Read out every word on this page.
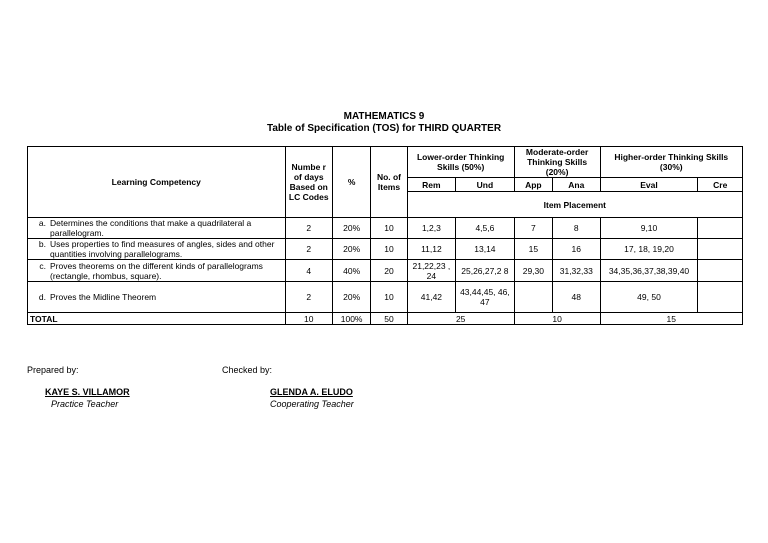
MATHEMATICS 9
Table of Specification (TOS) for THIRD QUARTER
Learning Competency	Numbe r of days Based on LC Codes	%	No. of Items	Lower-order Thinking Skills (50%)		Moderate-order Thinking Skills (20%)		Higher-order Thinking Skills (30%)	
				Rem	Und	App	Ana	Eval	Cre
				Item Placement					

a. Determines the conditions that make a quadrilateral a parallelogram.	2	20%	10	1,2,3	4,5,6	7	8	9,10	

b. Uses properties to find measures of angles, sides and other quantities involving parallelograms.	2	20%	10	11,12	13,14	15	16	17, 18, 19,20	

c. Proves theorems on the different kinds of parallelograms (rectangle, rhombus, square).	4	40%	20	21,22,23 , 24	25,26,27,2 8	29,30	31,32,33	34,35,36,37,38,39,40	

d. Proves the Midline Theorem	2	20%	10	41,42	43,44,45, 46, 47		48	49, 50	
TOTAL	10	100%	50	25		10		15	
Prepared by:	Checked by:
KAYE S. VILLAMOR
Practice Teacher
GLENDA A. ELUDO
Cooperating Teacher
